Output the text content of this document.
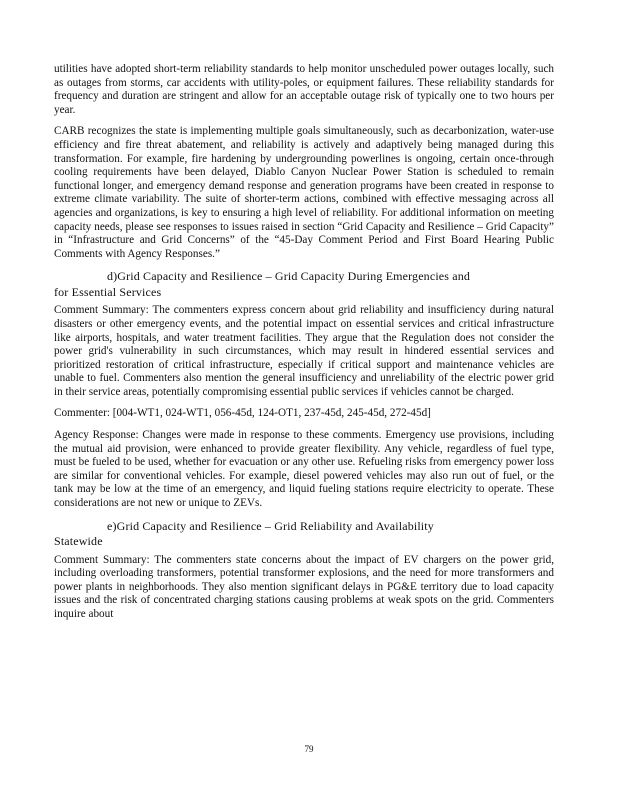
utilities have adopted short-term reliability standards to help monitor unscheduled power outages locally, such as outages from storms, car accidents with utility-poles, or equipment failures. These reliability standards for frequency and duration are stringent and allow for an acceptable outage risk of typically one to two hours per year.

CARB recognizes the state is implementing multiple goals simultaneously, such as decarbonization, water-use efficiency and fire threat abatement, and reliability is actively and adaptively being managed during this transformation. For example, fire hardening by undergrounding powerlines is ongoing, certain once-through cooling requirements have been delayed, Diablo Canyon Nuclear Power Station is scheduled to remain functional longer, and emergency demand response and generation programs have been created in response to extreme climate variability. The suite of shorter-term actions, combined with effective messaging across all agencies and organizations, is key to ensuring a high level of reliability. For additional information on meeting capacity needs, please see responses to issues raised in section “Grid Capacity and Resilience – Grid Capacity” in “Infrastructure and Grid Concerns” of the “45-Day Comment Period and First Board Hearing Public Comments with Agency Responses.”

d)Grid Capacity and Resilience – Grid Capacity During Emergencies and
for Essential Services

Comment Summary: The commenters express concern about grid reliability and insufficiency during natural disasters or other emergency events, and the potential impact on essential services and critical infrastructure like airports, hospitals, and water treatment facilities. They argue that the Regulation does not consider the power grid's vulnerability in such circumstances, which may result in hindered essential services and prioritized restoration of critical infrastructure, especially if critical support and maintenance vehicles are unable to fuel. Commenters also mention the general insufficiency and unreliability of the electric power grid in their service areas, potentially compromising essential public services if vehicles cannot be charged.

Commenter: [004-WT1, 024-WT1, 056-45d, 124-OT1, 237-45d, 245-45d, 272-45d]

Agency Response: Changes were made in response to these comments. Emergency use provisions, including the mutual aid provision, were enhanced to provide greater flexibility. Any vehicle, regardless of fuel type, must be fueled to be used, whether for evacuation or any other use. Refueling risks from emergency power loss are similar for conventional vehicles. For example, diesel powered vehicles may also run out of fuel, or the tank may be low at the time of an emergency, and liquid fueling stations require electricity to operate. These considerations are not new or unique to ZEVs.

e)Grid Capacity and Resilience – Grid Reliability and Availability
Statewide

Comment Summary: The commenters state concerns about the impact of EV chargers on the power grid, including overloading transformers, potential transformer explosions, and the need for more transformers and power plants in neighborhoods. They also mention significant delays in PG&E territory due to load capacity issues and the risk of concentrated charging stations causing problems at weak spots on the grid. Commenters inquire about

79
